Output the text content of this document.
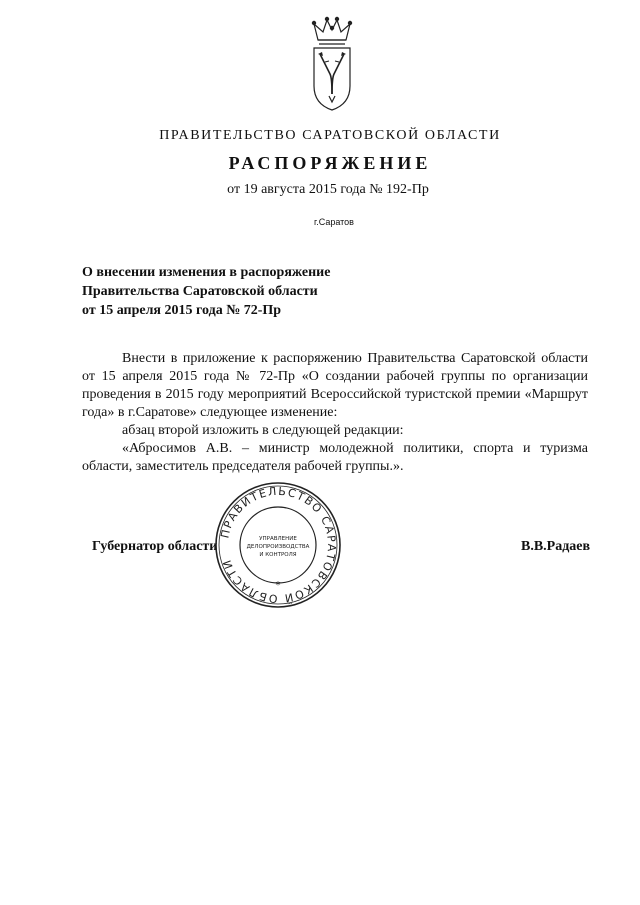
ПРАВИТЕЛЬСТВО САРАТОВСКОЙ ОБЛАСТИ
РАСПОРЯЖЕНИЕ
от 19 августа 2015 года № 192-Пр
г.Саратов
О внесении изменения в распоряжение
Правительства Саратовской области
от 15 апреля 2015 года № 72-Пр
Внести в приложение к распоряжению Правительства Саратовской области от 15 апреля 2015 года № 72-Пр «О создании рабочей группы по организации проведения в 2015 году мероприятий Всероссийской туристской премии «Маршрут года» в г.Саратове» следующее изменение:
абзац второй изложить в следующей редакции:
«Абросимов А.В. – министр молодежной политики, спорта и туризма области, заместитель председателя рабочей группы.».
Губернатор области	В.В.Радаев
ПРАВИТЕЛЬСТВО САРАТОВСКОЙ ОБЛАСТИ
*
УПРАВЛЕНИЕ
ДЕЛОПРОИЗВОДСТВА
И КОНТРОЛЯ
